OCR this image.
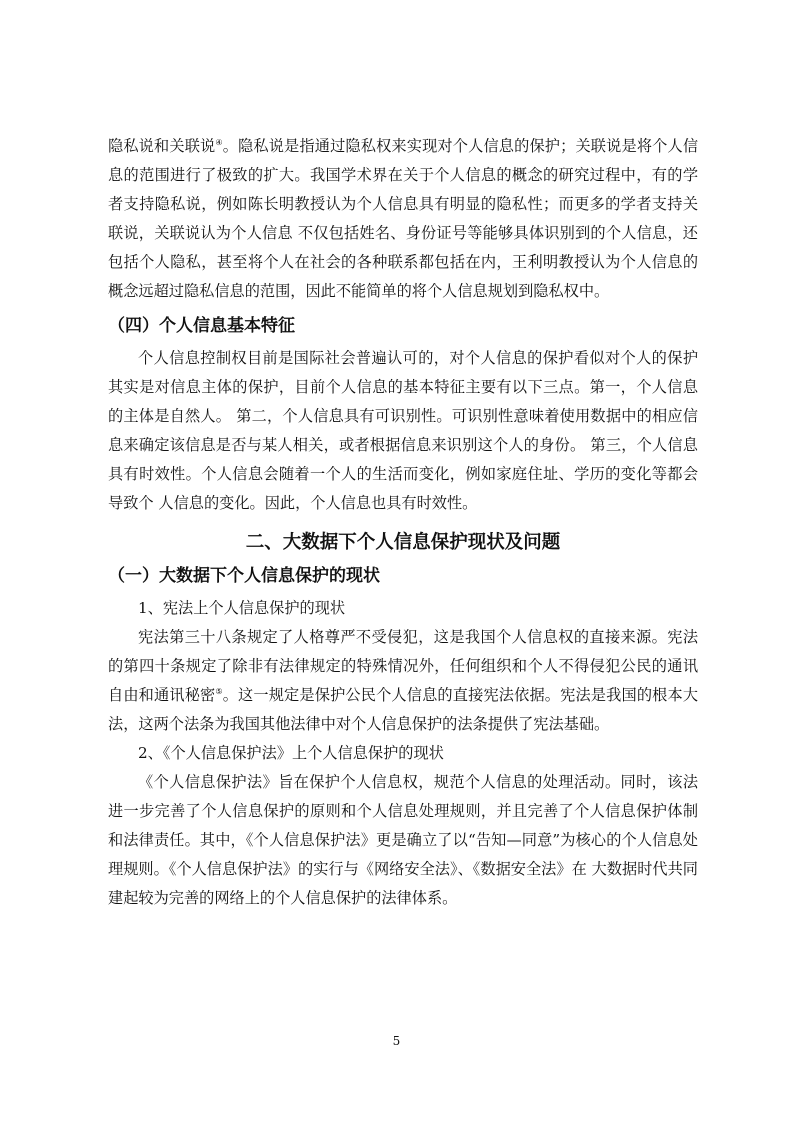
隐私说和关联说④。隐私说是指通过隐私权来实现对个人信息的保护；关联说是将个人信息的范围进行了极致的扩大。我国学术界在关于个人信息的概念的研究过程中，有的学 者支持隐私说，例如陈长明教授认为个人信息具有明显的隐私性；而更多的学者支持关联说，关联说认为个人信息 不仅包括姓名、身份证号等能够具体识别到的个人信息，还包括个人隐私，甚至将个人在社会的各种联系都包括在内，王利明教授认为个人信息的概念远超过隐私信息的范围，因此不能简单的将个人信息规划到隐私权中。

（四）个人信息基本特征

个人信息控制权目前是国际社会普遍认可的，对个人信息的保护看似对个人的保护其实是对信息主体的保护，目前个人信息的基本特征主要有以下三点。第一，个人信息的主体是自然人。 第二，个人信息具有可识别性。可识别性意味着使用数据中的相应信息来确定该信息是否与某人相关，或者根据信息来识别这个人的身份。 第三，个人信息具有时效性。个人信息会随着一个人的生活而变化，例如家庭住址、学历的变化等都会导致个 人信息的变化。因此，个人信息也具有时效性。

二、大数据下个人信息保护现状及问题
（一）大数据下个人信息保护的现状

1、宪法上个人信息保护的现状

宪法第三十八条规定了人格尊严不受侵犯，这是我国个人信息权的直接来源。宪法的第四十条规定了除非有法律规定的特殊情况外，任何组织和个人不得侵犯公民的通讯自由和通讯秘密⑤。这一规定是保护公民个人信息的直接宪法依据。宪法是我国的根本大法，这两个法条为我国其他法律中对个人信息保护的法条提供了宪法基础。

2、《个人信息保护法》上个人信息保护的现状

《个人信息保护法》旨在保护个人信息权，规范个人信息的处理活动。同时，该法进一步完善了个人信息保护的原则和个人信息处理规则，并且完善了个人信息保护体制和法律责任。其中，《个人信息保护法》更是确立了以“告知—同意”为核心的个人信息处理规则。《个人信息保护法》的实行与《网络安全法》、《数据安全法》在 大数据时代共同建起较为完善的网络上的个人信息保护的法律体系。

5
